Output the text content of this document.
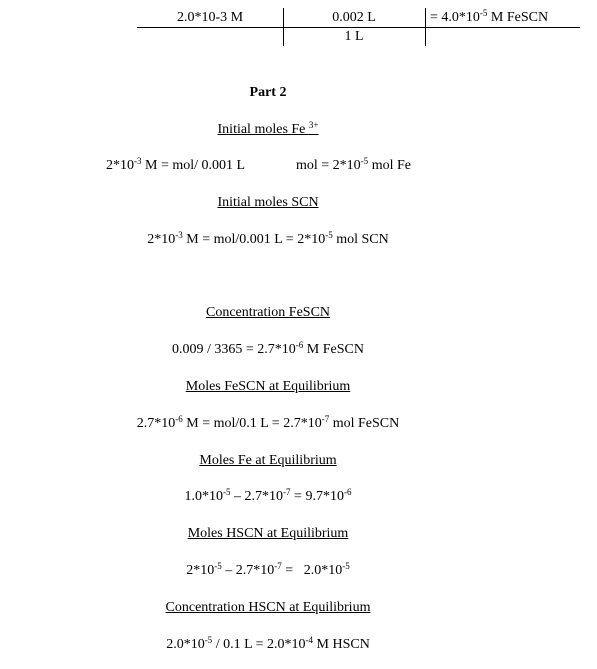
2.0*10-3 M	0.002 L
1 L
= $4.0*10^{-5}$ M FeSCN
Part 2
Initial moles Fe $^{3+}$
$2*10^{-3}$ M = mol/ 0.001 L	mol = $2*10^{-5}$ mol Fe
Initial moles SCN
$2*10^{-3}$ M = mol/0.001 $L = 2*10^{-5}$ mol SCN
Concentration FeSCN
$0.009 / 3365 = 2.7*10^{-6}$ M FeSCN
Moles FeSCN at Equilibrium
$2.7*10^{-6}$ M = mol/0.1 $L = 2.7*10^{-7}$ mol FeSCN
Moles Fe at Equilibrium
$1.0*10^{-5} - 2.7*10^{-7} = 9.7*10^{-6}$
Moles HSCN at Equilibrium
$2*10^{-5} - 2.7*10^{-7} = 2.0*10^{-5}$
Concentration HSCN at Equilibrium
$2.0*10^{-5} / 0.1$ $L = 2.0*10^{-4}$ M HSCN
